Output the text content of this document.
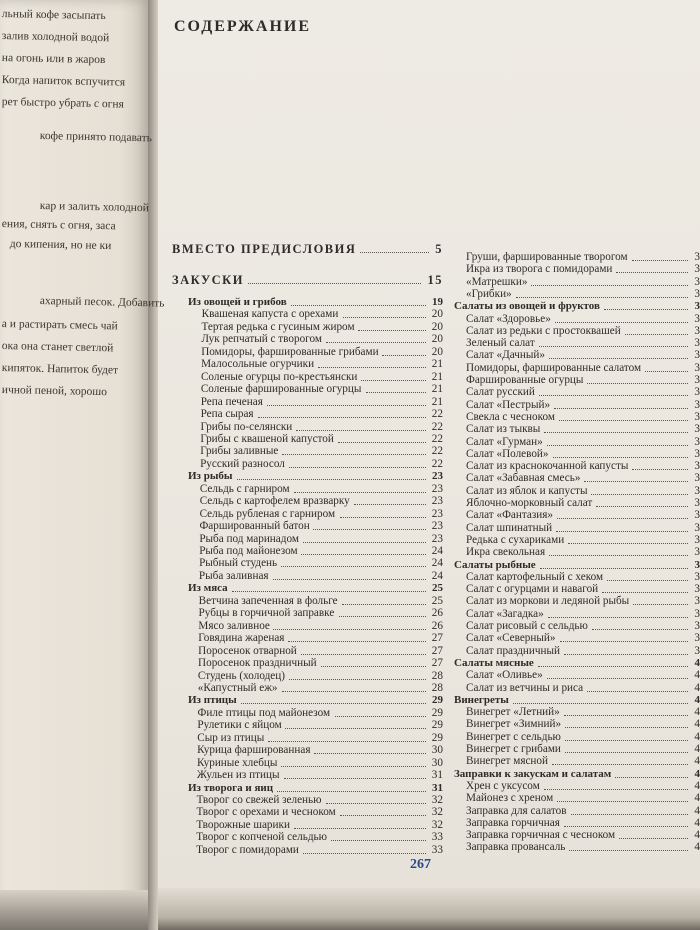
льный кофе засыпать
залив холодной водой
на огонь или в жаров
Когда напиток вспучится
рет быстро убрать с огня
кофе принято подавать
кар и залить холодной
ения, снять с огня, заса
до кипения, но не ки
ахарный песок. Добавить
а и растирать смесь чай
ока она станет светлой
кипяток. Напиток будет
ичной пеной, хорошо
СОДЕРЖАНИЕ
ВМЕСТО ПРЕДИСЛОВИЯ	5
ЗАКУСКИ	15
Из овощей и грибов	19
Квашеная капуста с орехами	20
Тертая редька с гусиным жиром	20
Лук репчатый с творогом	20
Помидоры, фаршированные грибами	20
Малосольные огурчики	21
Соленые огурцы по-крестьянски	21
Соленые фаршированные огурцы	21
Репа печеная	21
Репа сырая	22
Грибы по-селянски	22
Грибы с квашеной капустой	22
Грибы заливные	22
Русский разносол	22
Из рыбы	23
Сельдь с гарниром	23
Сельдь с картофелем вразварку	23
Сельдь рубленая с гарниром	23
Фаршированный батон	23
Рыба под маринадом	23
Рыба под майонезом	24
Рыбный студень	24
Рыба заливная	24
Из мяса	25
Ветчина запеченная в фольге	25
Рубцы в горчичной заправке	26
Мясо заливное	26
Говядина жареная	27
Поросенок отварной	27
Поросенок праздничный	27
Студень (холодец)	28
«Капустный еж»	28
Из птицы	29
Филе птицы под майонезом	29
Рулетики с яйцом	29
Сыр из птицы	29
Курица фаршированная	30
Куриные хлебцы	30
Жульен из птицы	31
Из творога и яиц	31
Творог со свежей зеленью	32
Творог с орехами и чесноком	32
Творожные шарики	32
Творог с копченой сельдью	33
Творог с помидорами	33
Груши, фаршированные творогом	3
Икра из творога с помидорами	3
«Матрешки»	3
«Грибки»	3
Салаты из овощей и фруктов	3
Салат «Здоровье»	3
Салат из редьки с простоквашей	3
Зеленый салат	3
Салат «Дачный»	3
Помидоры, фаршированные салатом	3
Фаршированные огурцы	3
Салат русский	3
Салат «Пестрый»	3
Свекла с чесноком	3
Салат из тыквы	3
Салат «Гурман»	3
Салат «Полевой»	3
Салат из краснокочанной капусты	3
Салат «Забавная смесь»	3
Салат из яблок и капусты	3
Яблочно-морковный салат	3
Салат «Фантазия»	3
Салат шпинатный	3
Редька с сухариками	3
Икра свекольная	3
Салаты рыбные	3
Салат картофельный с хеком	3
Салат с огурцами и навагой	3
Салат из моркови и ледяной рыбы	3
Салат «Загадка»	3
Салат рисовый с сельдью	3
Салат «Северный»	3
Салат праздничный	3
Салаты мясные	4
Салат «Оливье»	4
Салат из ветчины и риса	4
Винегреты	4
Винегрет «Летний»	4
Винегрет «Зимний»	4
Винегрет с сельдью	4
Винегрет с грибами	4
Винегрет мясной	4
Заправки к закускам и салатам	4
Хрен с уксусом	4
Майонез с хреном	4
Заправка для салатов	4
Заправка горчичная	4
Заправка горчичная с чесноком	4
Заправка провансаль	4
267
